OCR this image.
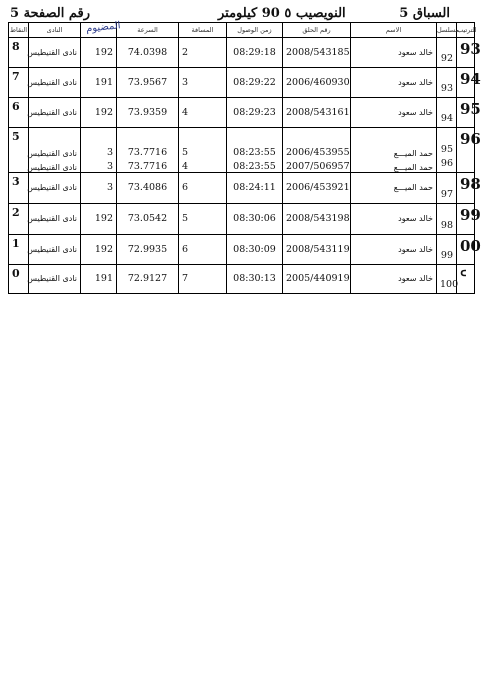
رقم الصفحة 5	النويصيب ٥ 90 كيلومتر	السباق 5
النقاط	النادى		السرعة	المسافة	زمن الوصول	رقم الحلق	الاسم	مسلسل	الترتيب
8	نادى القنيطيس	192	74.0398	2	08:29:18	2008/543185	خالد سعود	92	93
7	نادى القنيطيس	191	73.9567	3	08:29:22	2006/460930	خالد سعود	93	94
6	نادى القنيطيس	192	73.9359	4	08:29:23	2008/543161	خالد سعود	94	95
5	نادى القنيطيس	3	73.7716	5	08:23:55	2006/453955	حمد الميـــع	95	96
	نادى القنيطيس	3	73.7716	4	08:23:55	2007/506957	حمد الميـــع	96	
3	نادى القنيطيس	3	73.4086	6	08:24:11	2006/453921	حمد الميـــع	97	98
2	نادى القنيطيس	192	73.0542	5	08:30:06	2008/543198	خالد سعود	98	99
1	نادى القنيطيس	192	72.9935	6	08:30:09	2008/543119	خالد سعود	99	00
0	نادى القنيطيس	191	72.9127	7	08:30:13	2005/440919	خالد سعود	100	ᑦ
المضيوم
